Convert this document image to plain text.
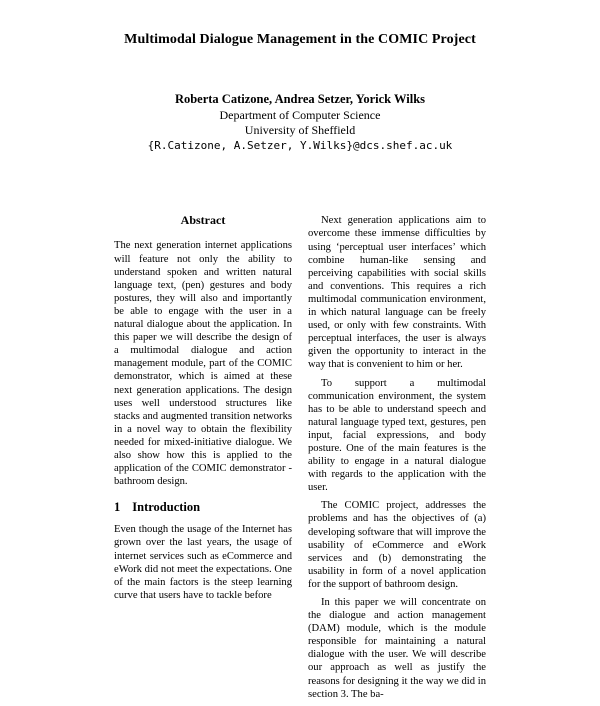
Multimodal Dialogue Management in the COMIC Project
Roberta Catizone, Andrea Setzer, Yorick Wilks
Department of Computer Science
University of Sheffield
{R.Catizone, A.Setzer, Y.Wilks}@dcs.shef.ac.uk
Abstract

The next generation internet applications will feature not only the ability to understand spoken and written natural language text, (pen) gestures and body postures, they will also and importantly be able to engage with the user in a natural dialogue about the application. In this paper we will describe the design of a multimodal dialogue and action management module, part of the COMIC demonstrator, which is aimed at these next generation applications. The design uses well understood structures like stacks and augmented transition networks in a novel way to obtain the flexibility needed for mixed-initiative dialogue. We also show how this is applied to the application of the COMIC demonstrator - bathroom design.

1 Introduction

Even though the usage of the Internet has grown over the last years, the usage of internet services such as eCommerce and eWork did not meet the expectations. One of the main factors is the steep learning curve that users have to tackle before

Next generation applications aim to overcome these immense difficulties by using ‘perceptual user interfaces’ which combine human-like sensing and perceiving capabilities with social skills and conventions. This requires a rich multimodal communication environment, in which natural language can be freely used, or only with few constraints. With perceptual interfaces, the user is always given the opportunity to interact in the way that is convenient to him or her.

To support a multimodal communication environment, the system has to be able to understand speech and natural language typed text, gestures, pen input, facial expressions, and body posture. One of the main features is the ability to engage in a natural dialogue with regards to the application with the user.

The COMIC project, addresses the problems and has the objectives of (a) developing software that will improve the usability of eCommerce and eWork services and (b) demonstrating the usability in form of a novel application for the support of bathroom design.

In this paper we will concentrate on the dialogue and action management (DAM) module, which is the module responsible for maintaining a natural dialogue with the user. We will describe our approach as well as justify the reasons for designing it the way we did in section 3. The ba-
